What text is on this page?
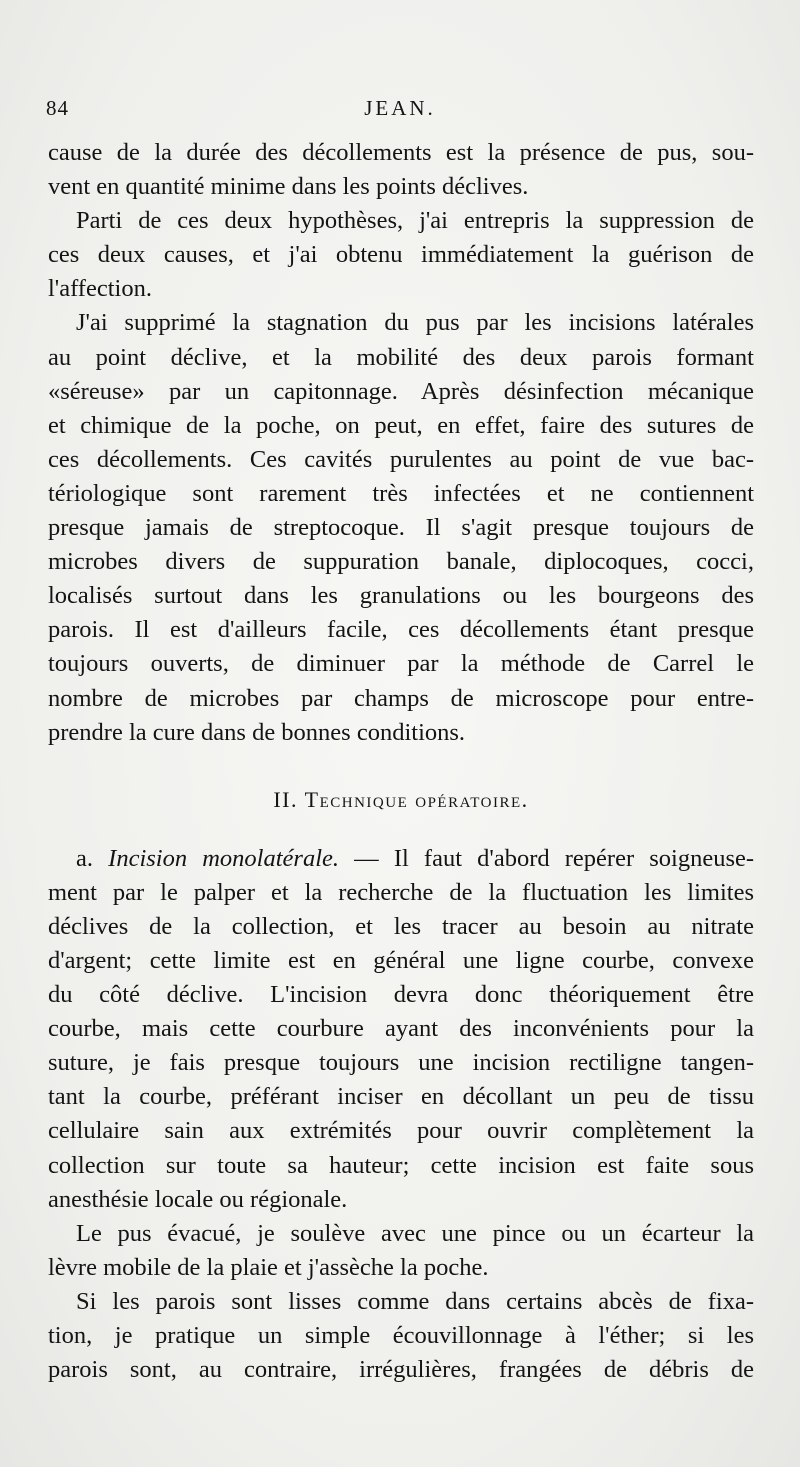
84	JEAN.
cause de la durée des décollements est la présence de pus, sou-
vent en quantité minime dans les points déclives.
Parti de ces deux hypothèses, j'ai entrepris la suppression de
ces deux causes, et j'ai obtenu immédiatement la guérison de
l'affection.
J'ai supprimé la stagnation du pus par les incisions latérales
au point déclive, et la mobilité des deux parois formant
«séreuse» par un capitonnage. Après désinfection mécanique
et chimique de la poche, on peut, en effet, faire des sutures de
ces décollements. Ces cavités purulentes au point de vue bac-
tériologique sont rarement très infectées et ne contiennent
presque jamais de streptocoque. Il s'agit presque toujours de
microbes divers de suppuration banale, diplocoques, cocci,
localisés surtout dans les granulations ou les bourgeons des
parois. Il est d'ailleurs facile, ces décollements étant presque
toujours ouverts, de diminuer par la méthode de Carrel le
nombre de microbes par champs de microscope pour entre-
prendre la cure dans de bonnes conditions.
II. Technique opératoire.
a. Incision monolatérale. — Il faut d'abord repérer soigneuse-
ment par le palper et la recherche de la fluctuation les limites
déclives de la collection, et les tracer au besoin au nitrate
d'argent; cette limite est en général une ligne courbe, convexe
du côté déclive. L'incision devra donc théoriquement être
courbe, mais cette courbure ayant des inconvénients pour la
suture, je fais presque toujours une incision rectiligne tangen-
tant la courbe, préférant inciser en décollant un peu de tissu
cellulaire sain aux extrémités pour ouvrir complètement la
collection sur toute sa hauteur; cette incision est faite sous
anesthésie locale ou régionale.
Le pus évacué, je soulève avec une pince ou un écarteur la
lèvre mobile de la plaie et j'assèche la poche.
Si les parois sont lisses comme dans certains abcès de fixa-
tion, je pratique un simple écouvillonnage à l'éther; si les
parois sont, au contraire, irrégulières, frangées de débris de
